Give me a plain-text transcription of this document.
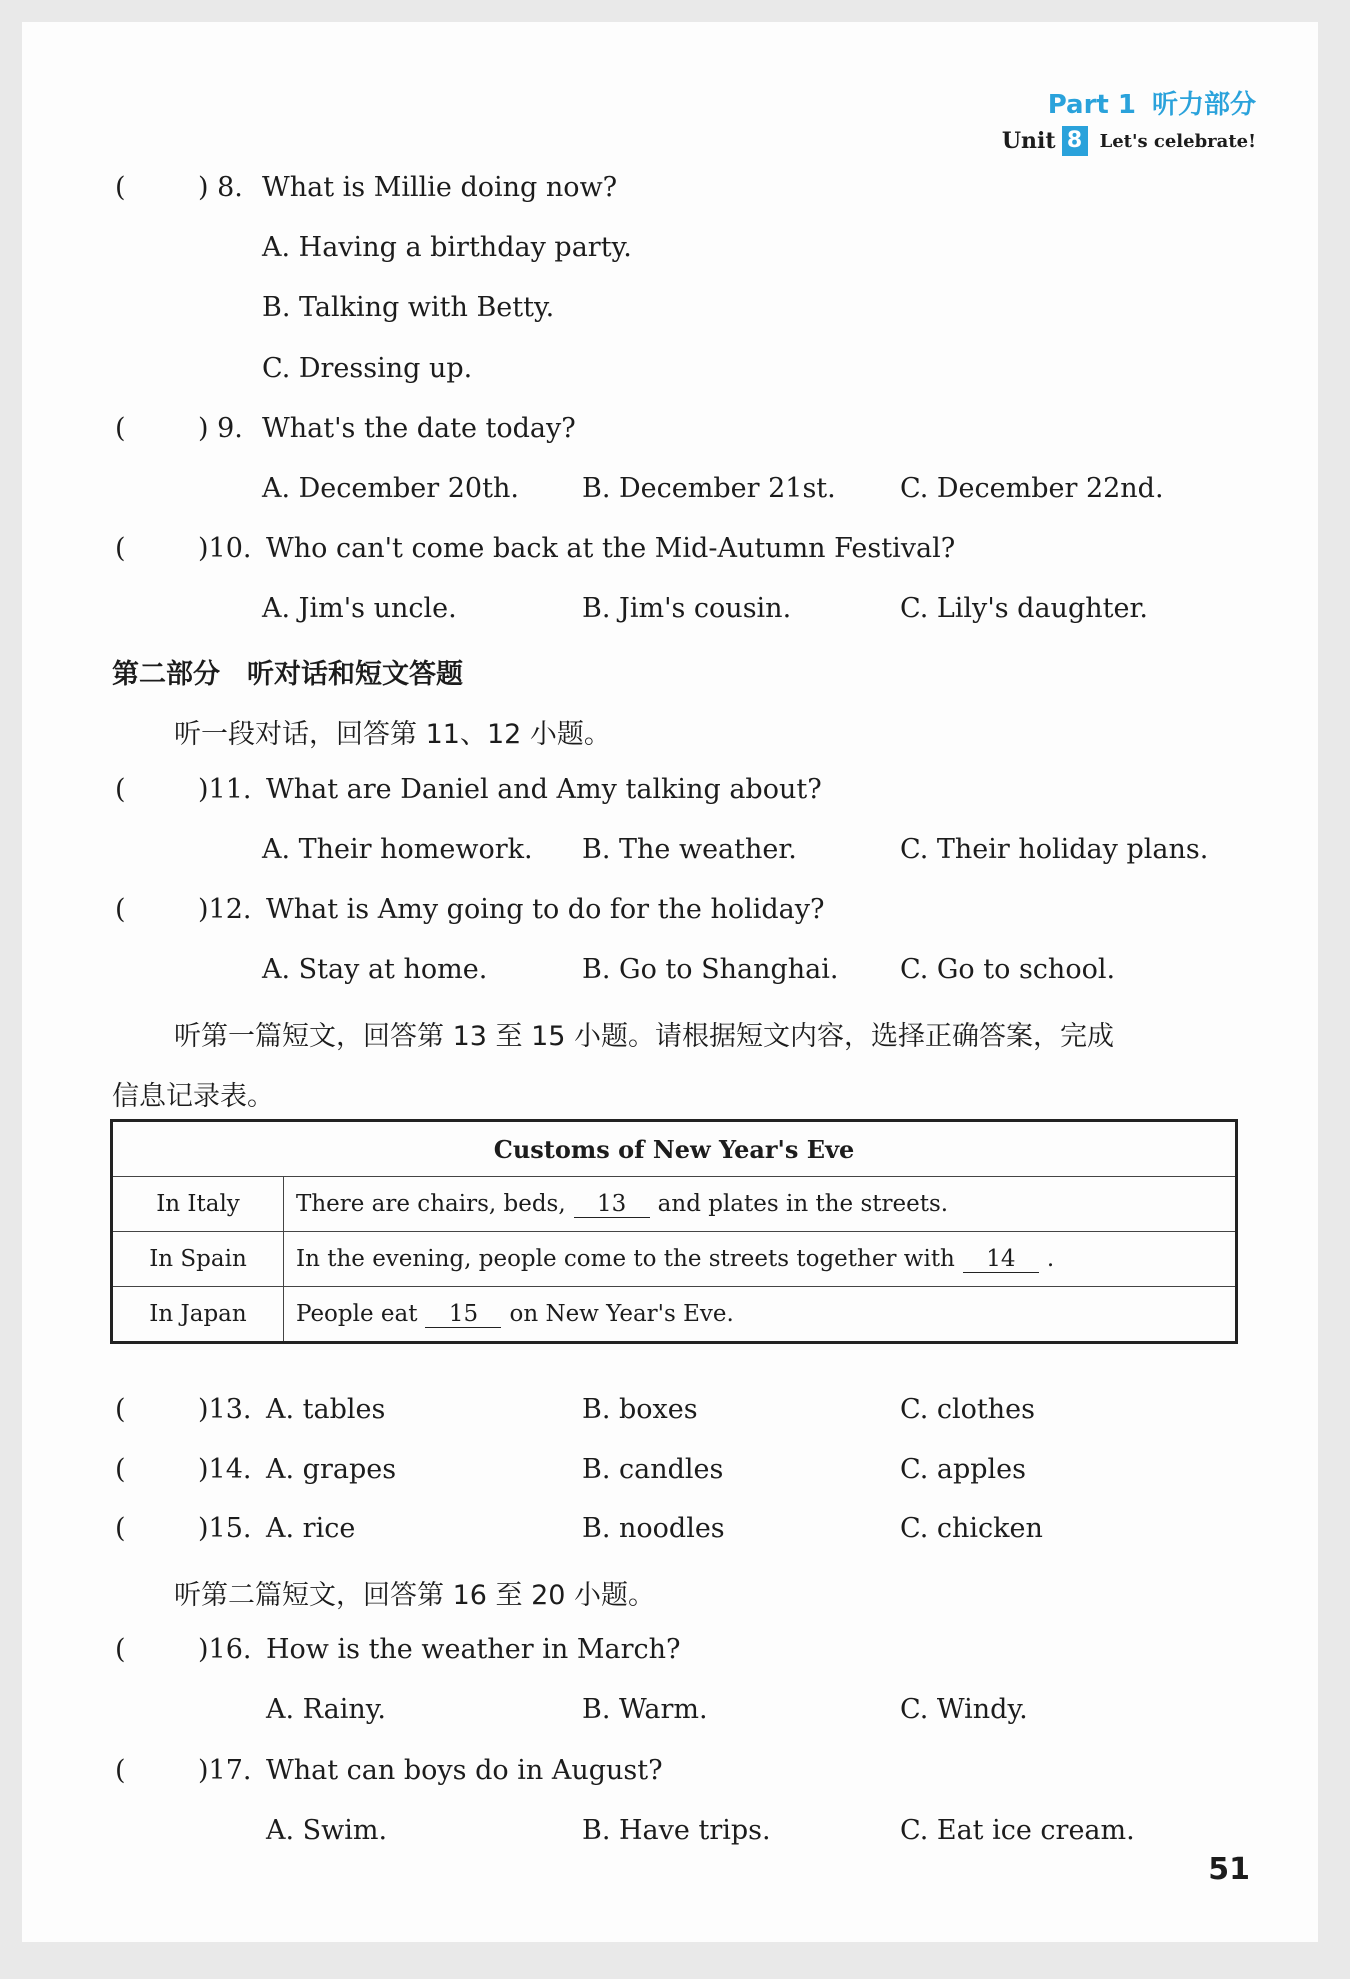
Part 1 听力部分
Unit 8 Let's celebrate!
(	) 8. What is Millie doing now?
A. Having a birthday party.
B. Talking with Betty.
C. Dressing up.
(	) 9. What's the date today?
A. December 20th. B. December 21st. C. December 22nd.
(	)10. Who can't come back at the Mid-Autumn Festival?
A. Jim's uncle.	B. Jim's cousin.	C. Lily's daughter.
第二部分　听对话和短文答题
听一段对话，回答第 11、12 小题。
(	)11. What are Daniel and Amy talking about?
A. Their homework. B. The weather.	C. Their holiday plans.
(	)12. What is Amy going to do for the holiday?
A. Stay at home.	B. Go to Shanghai. C. Go to school.
听第一篇短文，回答第 13 至 15 小题。请根据短文内容，选择正确答案，完成
信息记录表。
Customs of New Year's Eve	
In Italy	There are chairs, beds, 13 and plates in the streets.
In Spain	In the evening, people come to the streets together with 14 .
In Japan	People eat 15 on New Year's Eve.
(	)13. A. tables	B. boxes	C. clothes
(	)14. A. grapes	B. candles	C. apples
(	)15. A. rice	B. noodles	C. chicken
听第二篇短文，回答第 16 至 20 小题。
(	)16. How is the weather in March?
A. Rainy.	B. Warm.	C. Windy.
(	)17. What can boys do in August?
A. Swim.	B. Have trips.	C. Eat ice cream.
51
